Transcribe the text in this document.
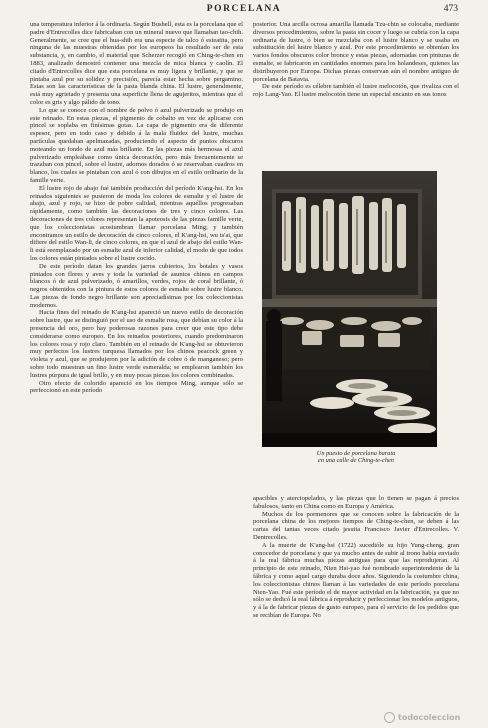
PORCELANA	473

una temperatura inferior á la ordinaria. Según Bushell, esta es la porcelana que el padre d'Entrecolles dice fabricaban con un mineral nuevo que llamaban tao-chih. Generalmente, se cree que el hua-shih era una especie de talco ó esteatita, pero ninguna de las muestras obtenidas por los europeos ha resultado ser de esta substancia, y, en cambio, el material que Scherzer recogió en Ching-te-chen en 1883, analizado demostró contener una mezcla de mica blanca y caolín. El citado d'Entrecolles dice que esta porcelana es muy ligera y brillante, y que se pintaba azul por su solidez y precisión, parecía estar hecha sobre pergamino. Estas son las características de la pasta blanda china. El lustre, generalmente, está muy agrietado y presenta una superficie llena de agujeritos, mientras que el color es gris y algo pálido de tono.

Lo que se conoce con el nombre de polvo ó azul pulverizado se produjo en este reinado. En estas piezas, el pigmento de cobalto en vez de aplicarse con pincel se soplaba en finísimas gotas. La capa de pigmento era de diferente espesor, pero en todo caso y debido á la mala fluidez del lustre, muchas partículas quedaban apelmazadas, produciendo el aspecto de puntos obscuros moteando un fondo de azul más brillante. En las piezas más hermosas el azul pulverizado empleábase como única decoración, pero más frecuentemente se trazaban con pincel, sobre el lustre, adornos dorados ó se reservaban cuadros en blanco, los cuales se pintaban con azul ó con dibujos en el estilo ordinario de la famille verte.

El lustre rojo de abajo fué también producción del período K'ang-hsi. En los reinados siguientes se pusieron de moda los colores de esmalte y el lustre de abajo, azul y rojo, se hizo de pobre calidad, mientras aquéllos progresaban rápidamente, como también las decoraciones de tres y cinco colores. Las decoraciones de tres colores representan la apoteosis de las piezas famille verte, que los coleccionistas acostumbran llamar porcelana Ming; y también encontramos un estilo de decoración de cinco colores, el K'ang-hsi, wu ts'ai, que difiere del estilo Wan-li, de cinco colores, en que el azul de abajo del estilo Wan-li está reemplazado por un esmalte azul de inferior calidad, el modo de que todos los colores están pintados sobre el lustre cocido.

De este período datan los grandes jarros cubiertos, los botales y vasos pintados con flores y aves y toda la variedad de asuntos chinos en campos blancos ó de azul pulverizado, ó amarillos, verdes, rojos de coral brillante, ó negros obtenidos con la pintura de estos colores de esmalte sobre lustre blanco. Las piezas de fondo negro brillante son apreciadísimas por los coleccionistas modernos.

Hacia fines del reinado de K'ang-hsi apareció un nuevo estilo de decoración sobre lustre, que se distinguió por el uso de esmalte rosa, que debían su color á la presencia del oro, pero hay poderosas razones para creer que este tipo debe considerarse como europeo. En los reinados posteriores, cuando predominaron los colores rosa y rojo claro. También en el reinado de K'ang-hsi se obtuvieron muy perfectos los lustres turquesa llamados por los chinos peacock green y violeta y azul, que se produjeron por la adición de cobre ó de manganeso; pero sobre todo muestran un fino lustre verde esmeralda; se emplearon también los lustres púrpura de igual brillo, y en muy pocas piezas los colores combinados.

Otro efecto de colorido apareció en los tiempos Ming, aunque sólo se perfeccionó en este período

posterior. Una arcilla ocrosa amarilla llamada Tzu-chin se colocaba, mediante diversos procedimientos, sobre la pasta sin cocer y luego se cubría con la capa ordinaria de lustre, ó bien se mezclaba con el lustre blanco y se usaba en substitución del lustre blanco y azul. Por este procedimiento se obtenían los varios fondos obscuros color bronce y estas piezas, adornadas con pinturas de esmalte, se fabricaron en cantidades enormes para los holandeses, quienes las distribuyeron por Europa. Dichas piezas conservan aún el nombre antiguo de porcelana de Batavia.

De este período es célebre también el lustre melocotón, que rivaliza con el rojo Lang-Yao. El lustre melocotón tiene un especial encanto en sus tonos

Un puesto de porcelana barata
en una calle de Ching-te-chen

apacibles y aterciopelados, y las piezas que lo tienen se pagan á precios fabulosos, tanto en China como en Europa y América.

Muchos de los pormenores que se conocen sobre la fabricación de la porcelana china de los mejores tiempos de Ching-te-chen, se deben á las cartas del tantas veces citado jesuita Francisco Javier d'Entrecolles. V. Dentrecolles.

A la muerte de K'ang-hsi (1722) sucedióle su hijo Yung-cheng, gran conocedor de porcelana y que ya mucho antes de subir al trono había enviado á la real fábrica muchas piezas antiguas para que las reprodujeran. Al principio de este reinado, Nien Hsi-yao fué nombrado superintendente de la fábrica y como aquel cargo duraba doce años. Siguiendo la costumbre china, los coleccionistas chinos llaman á las variedades de este período porcelana Nien-Yao. Fué este período el de mayor actividad en la fabricación, ya que no sólo se dedicó la real fábrica á reproducir y perfeccionar los modelos antiguos, y á la de fabricar piezas de gusto europeo, para el servicio de los pedidos que se recibían de Europa. No

todocoleccion
